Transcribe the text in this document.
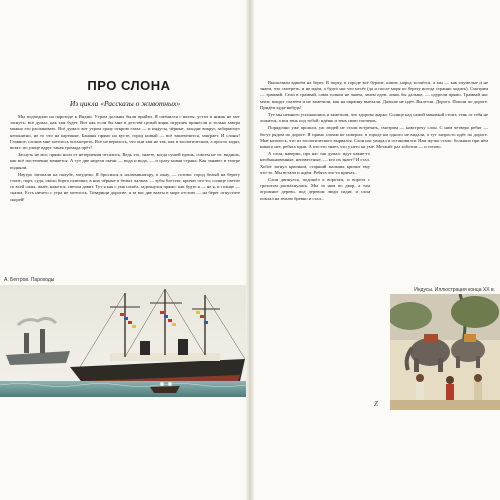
ПРО СЛОНА
Из цикла «Рассказы о животных»

Мы подходили на пароходе к Индии. Утром должны были прийти. Я сменился с вахты, устал и никак не мог заснуть: всё думал, как там будет. Вот как если бы мне в детстве целый ящик игрушек принесли и только завтра можно его распаковать. Всё думал: вот утром сразу открою глаза — и индусы, чёрные, заходят вокруг, забормочут непонятно, не то что на картинке. Бананы прямо на кусте, город новый — всё зашевелится, заиграет. И слоны! Главное, слонов мне хотелось посмотреть. Всё не верилось, что они там не так, как в зоологическом, а просто ходят, возят: по улице вдруг такая громада прёт!

Заснуть не мог, прямо ноги от нетерпения чесались. Ведь это, знаете, когда сушей едешь, совсем не то: видишь, как всё постепенно меняется. А тут две недели океан — вода и вода, — и сразу новая страна. Как занавес в театре подняли.

Наутро затопали на палубе, загудели. Я бросился к иллюминатору, к окну, — готово: город белый на берегу стоит; порт, суда, около борта шлюпки; в них чёрные в белых чалмах — зубы блестят, кричат что-то; солнце светит со всей силы, жмёт, кажется, светом давит. Тут я как с ума сошёл, задохнулся прямо: как будто я — не я, и солнце — сказка. Есть ничего с утра не хотелось. Товарищи дорогие, я за вас две вахты в море отстою — на берег отпустите скорей!

А. Беггров. Пароходы

Выскочили вдвоём на берег. В порту, в городе всё бурлит, кипит, народ толчётся, а мы — как очумелые и не знаем, что смотреть, и не идём, а будто нас что несёт (да и после моря по берегу всегда странно ходить). Смотрим — трамвай. Сели в трамвай, сами толком не знаем, зачем едем, лишь бы дальше, — одурели прямо. Трамвай нас мчит, вокруг глазеем и не заметили, как на окраину выехали. Дальше не идёт. Вылезли. Дорога. Пошли по дороге. Придём куда-нибудь!

Тут мы немного успокоились и заметили, что здорово жарко. Солнце над самой маковкой стоит; тень от тебя не ложится, а вся тень под тобой: идёшь и тень свою топчешь.

Порядочно уже прошли, уж людей не стали встречать, смотрим — навстречу слон. С ним четверо ребят — бегут рядом по дороге. Я прямо глазам не поверил: в городе ни одного не видали, а тут запросто идёт по дороге. Мне казалось, что из зоологического вырвался. Слон нас увидал и остановился. Нам жутко стало: больших при нём никого нет, ребята одни. А кто его знает, что у него на уме. Мотанёт раз хоботом — и готово.

А слон, наверно, про нас так думал: идут какие-то необыкновенные, неизвестные, — кто их знает? И стал. Хобот загнул крючком, старший мальчик кричит ему что-то. Мы встали и ждём. Ребята что-то кричат...

Слон двинулся, подошёл к воротам, и ворота с грохотом распахнулись. Мы за ним во двор, а там огромное дерево, под деревом люди сидят, и слон поклал на землю бревно и стал...

Индусы. Иллюстрация конца XX в.
Z
